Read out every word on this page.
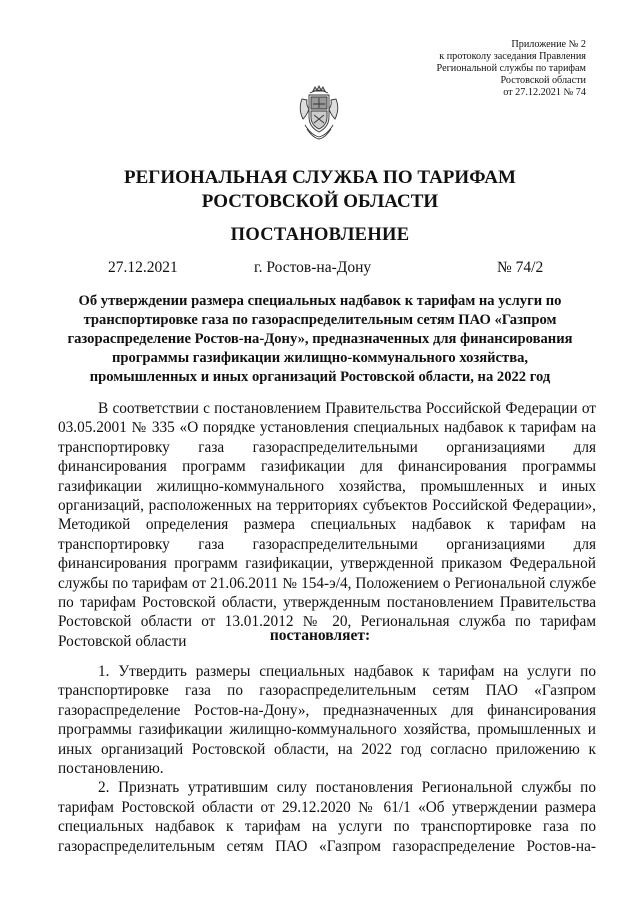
Приложение № 2
к протоколу заседания Правления
Региональной службы по тарифам
Ростовской области
от 27.12.2021 № 74
РЕГИОНАЛЬНАЯ СЛУЖБА ПО ТАРИФАМ
РОСТОВСКОЙ ОБЛАСТИ
ПОСТАНОВЛЕНИЕ
27.12.2021	г. Ростов-на-Дону	№ 74/2
Об утверждении размера специальных надбавок к тарифам на услуги по
транспортировке газа по газораспределительным сетям ПАО «Газпром
газораспределение Ростов-на-Дону», предназначенных для финансирования
программы газификации жилищно-коммунального хозяйства,
промышленных и иных организаций Ростовской области, на 2022 год
В соответствии с постановлением Правительства Российской Федерации от
03.05.2001 № 335 «О порядке установления специальных надбавок к тарифам на
транспортировку газа газораспределительными организациями для
финансирования программ газификации для финансирования программы
газификации жилищно-коммунального хозяйства, промышленных и иных
организаций, расположенных на территориях субъектов Российской Федерации»,
Методикой определения размера специальных надбавок к тарифам на
транспортировку газа газораспределительными организациями для
финансирования программ газификации, утвержденной приказом Федеральной
службы по тарифам от 21.06.2011 № 154-э/4, Положением о Региональной службе
по тарифам Ростовской области, утвержденным постановлением Правительства
Ростовской области от 13.01.2012 № 20, Региональная служба по тарифам
Ростовской области	постановляет:
1. Утвердить размеры специальных надбавок к тарифам на услуги по
транспортировке газа по газораспределительным сетям ПАО «Газпром
газораспределение Ростов-на-Дону», предназначенных для финансирования
программы газификации жилищно-коммунального хозяйства, промышленных и
иных организаций Ростовской области, на 2022 год согласно приложению к
постановлению.
2. Признать утратившим силу постановления Региональной службы по
тарифам Ростовской области от 29.12.2020 № 61/1 «Об утверждении размера
специальных надбавок к тарифам на услуги по транспортировке газа по
газораспределительным сетям ПАО «Газпром газораспределение Ростов-на-
